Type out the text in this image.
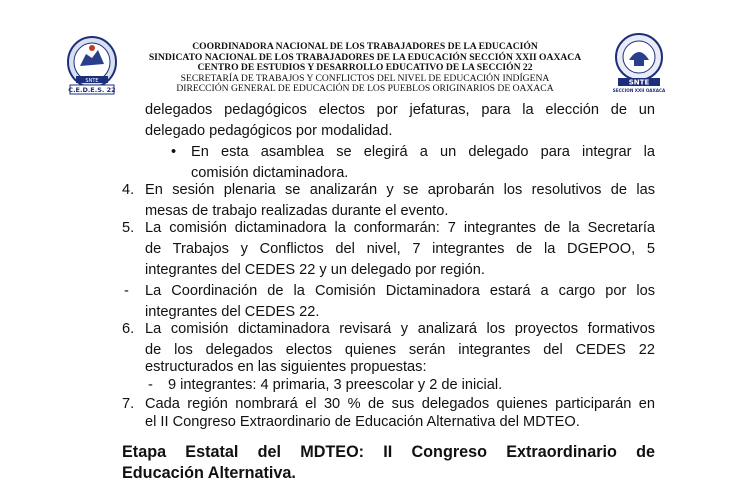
SNTE
C.E.D.E.S. 22
COORDINADORA NACIONAL DE LOS TRABAJADORES DE LA EDUCACIÓN
SINDICATO NACIONAL DE LOS TRABAJADORES DE LA EDUCACIÓN SECCIÓN XXII OAXACA
CENTRO DE ESTUDIOS Y DESARROLLO EDUCATIVO DE LA SECCIÓN 22
SECRETARÍA DE TRABAJOS Y CONFLICTOS DEL NIVEL DE EDUCACIÓN INDÍGENA
DIRECCIÓN GENERAL DE EDUCACIÓN DE LOS PUEBLOS ORIGINARIOS DE OAXACA
SNTE
SECCION XXII OAXACA
delegados pedagógicos electos por jefaturas, para la elección de un
delegado pedagógicos por modalidad.
• En esta asamblea se elegirá a un delegado para integrar la
comisión dictaminadora.
4. En sesión plenaria se analizarán y se aprobarán los resolutivos de las
mesas de trabajo realizadas durante el evento.
5. La comisión dictaminadora la conformarán: 7 integrantes de la Secretaría
de Trabajos y Conflictos del nivel, 7 integrantes de la DGEPOO, 5
integrantes del CEDES 22 y un delegado por región.
- La Coordinación de la Comisión Dictaminadora estará a cargo por los
integrantes del CEDES 22.
6. La comisión dictaminadora revisará y analizará los proyectos formativos
de los delegados electos quienes serán integrantes del CEDES 22
estructurados en las siguientes propuestas:
- 9 integrantes: 4 primaria, 3 preescolar y 2 de inicial.
7. Cada región nombrará el 30 % de sus delegados quienes participarán en
el II Congreso Extraordinario de Educación Alternativa del MDTEO.
Etapa Estatal del MDTEO: II Congreso Extraordinario de
Educación Alternativa.
